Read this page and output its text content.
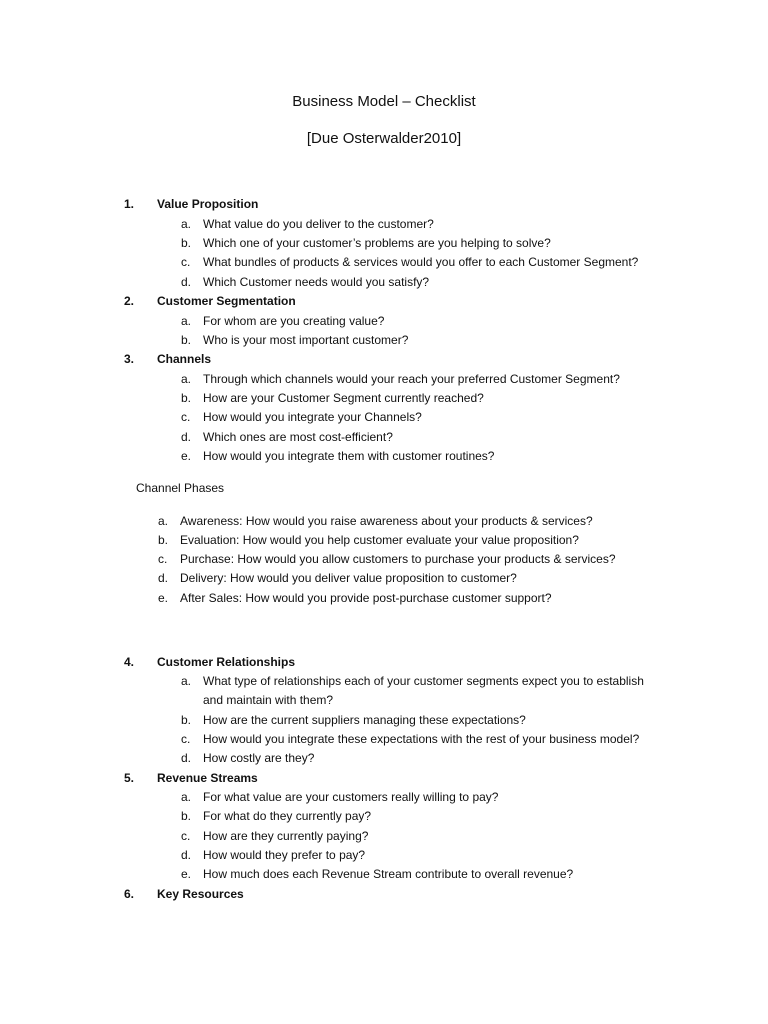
Business Model – Checklist
[Due Osterwalder2010]
1. Value Proposition
a. What value do you deliver to the customer?
b. Which one of your customer’s problems are you helping to solve?
c. What bundles of products & services would you offer to each Customer Segment?
d. Which Customer needs would you satisfy?
2. Customer Segmentation
a. For whom are you creating value?
b. Who is your most important customer?
3. Channels
a. Through which channels would your reach your preferred Customer Segment?
b. How are your Customer Segment currently reached?
c. How would you integrate your Channels?
d. Which ones are most cost-efficient?
e. How would you integrate them with customer routines?
Channel Phases
a. Awareness: How would you raise awareness about your products & services?
b. Evaluation: How would you help customer evaluate your value proposition?
c. Purchase: How would you allow customers to purchase your products & services?
d. Delivery: How would you deliver value proposition to customer?
e. After Sales: How would you provide post-purchase customer support?
4. Customer Relationships
a. What type of relationships each of your customer segments expect you to establish
and maintain with them?
b. How are the current suppliers managing these expectations?
c. How would you integrate these expectations with the rest of your business model?
d. How costly are they?
5. Revenue Streams
a. For what value are your customers really willing to pay?
b. For what do they currently pay?
c. How are they currently paying?
d. How would they prefer to pay?
e. How much does each Revenue Stream contribute to overall revenue?
6. Key Resources
